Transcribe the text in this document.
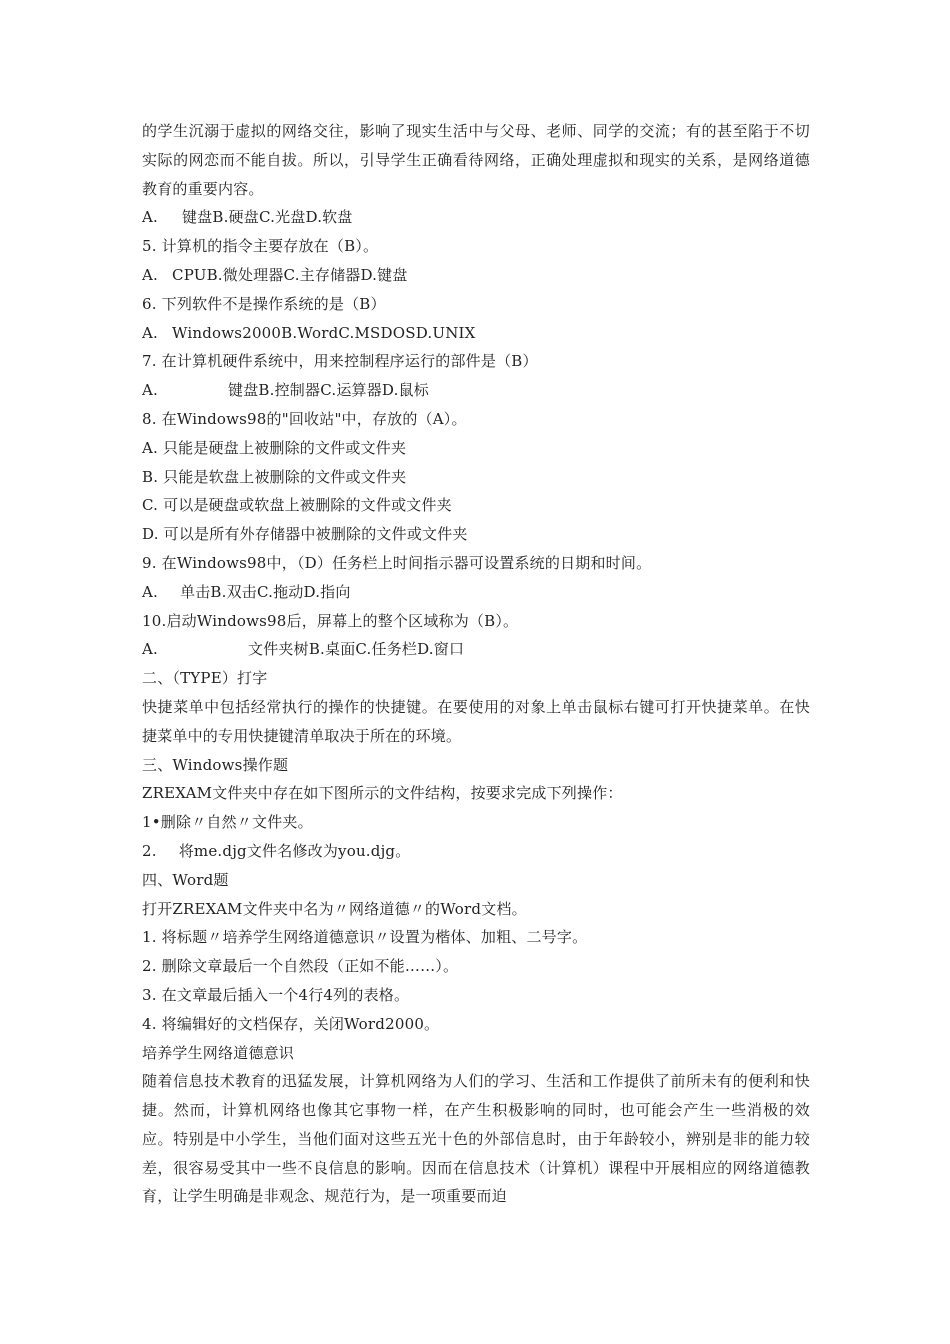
的学生沉溺于虚拟的网络交往，影响了现实生活中与父母、老师、同学的交流；有的甚至陷于不切实际的网恋而不能自拔。所以，引导学生正确看待网络，正确处理虚拟和现实的关系，是网络道德教育的重要内容。
A. 键盘B.硬盘C.光盘D.软盘
5. 计算机的指令主要存放在（B）。
A. CPUB.微处理器C.主存储器D.键盘
6. 下列软件不是操作系统的是（B）
A. Windows2000B.WordC.MSDOSD.UNIX
7. 在计算机硬件系统中，用来控制程序运行的部件是（B）
A.	键盘B.控制器C.运算器D.鼠标
8. 在Windows98的"回收站"中，存放的（A）。
A. 只能是硬盘上被删除的文件或文件夹
B. 只能是软盘上被删除的文件或文件夹
C. 可以是硬盘或软盘上被删除的文件或文件夹
D. 可以是所有外存储器中被删除的文件或文件夹
9. 在Windows98中，（D）任务栏上时间指示器可设置系统的日期和时间。
A. 单击B.双击C.拖动D.指向
10.启动Windows98后，屏幕上的整个区域称为（B）。
A.	文件夹树B.桌面C.任务栏D.窗口
二、（TYPE）打字
快捷菜单中包括经常执行的操作的快捷键。在要使用的对象上单击鼠标右键可打开快捷菜单。在快捷菜单中的专用快捷键清单取决于所在的环境。
三、Windows操作题
ZREXAM文件夹中存在如下图所示的文件结构，按要求完成下列操作：
1•删除〃自然〃文件夹。
2. 将me.djg文件名修改为you.djg。
四、Word题
打开ZREXAM文件夹中名为〃网络道德〃的Word文档。
1. 将标题〃培养学生网络道德意识〃设置为楷体、加粗、二号字。
2. 删除文章最后一个自然段（正如不能……）。
3. 在文章最后插入一个4行4列的表格。
4. 将编辑好的文档保存，关闭Word2000。
培养学生网络道德意识
随着信息技术教育的迅猛发展，计算机网络为人们的学习、生活和工作提供了前所未有的便利和快捷。然而，计算机网络也像其它事物一样，在产生积极影响的同时，也可能会产生一些消极的效应。特别是中小学生，当他们面对这些五光十色的外部信息时，由于年龄较小，辨别是非的能力较差，很容易受其中一些不良信息的影响。因而在信息技术（计算机）课程中开展相应的网络道德教育，让学生明确是非观念、规范行为，是一项重要而迫
